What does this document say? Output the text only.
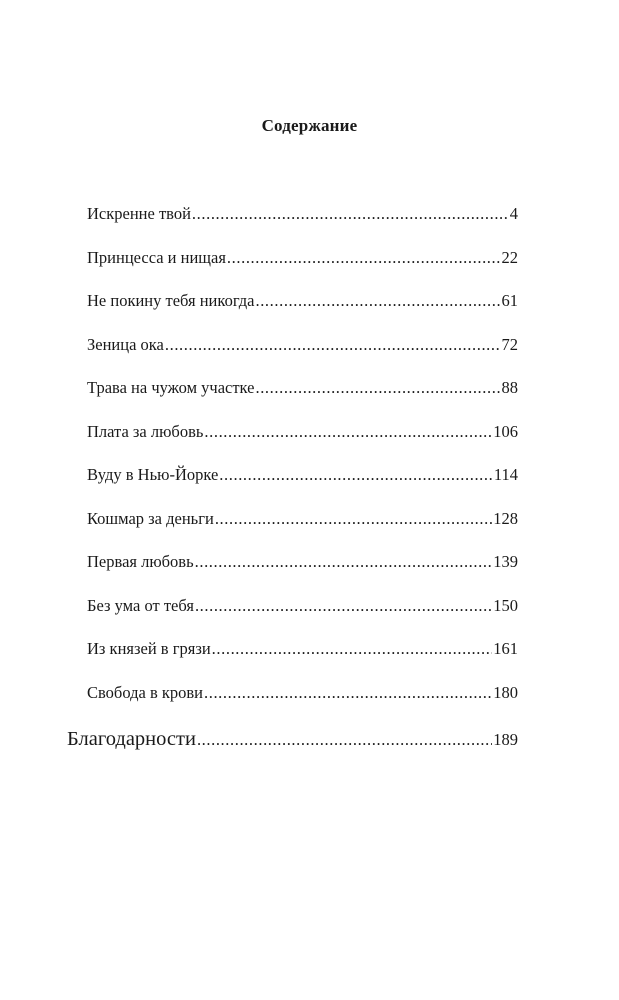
Содержание
Искренне твой .....	4
Принцесса и нищая .....	22
Не покину тебя никогда .....	61
Зеница ока .....	72
Трава на чужом участке .....	88
Плата за любовь .....	106
Вуду в Нью-Йорке .....	114
Кошмар за деньги .....	128
Первая любовь .....	139
Без ума от тебя .....	150
Из князей в грязи .....	161
Свобода в крови .....	180
Благодарности .....	189
